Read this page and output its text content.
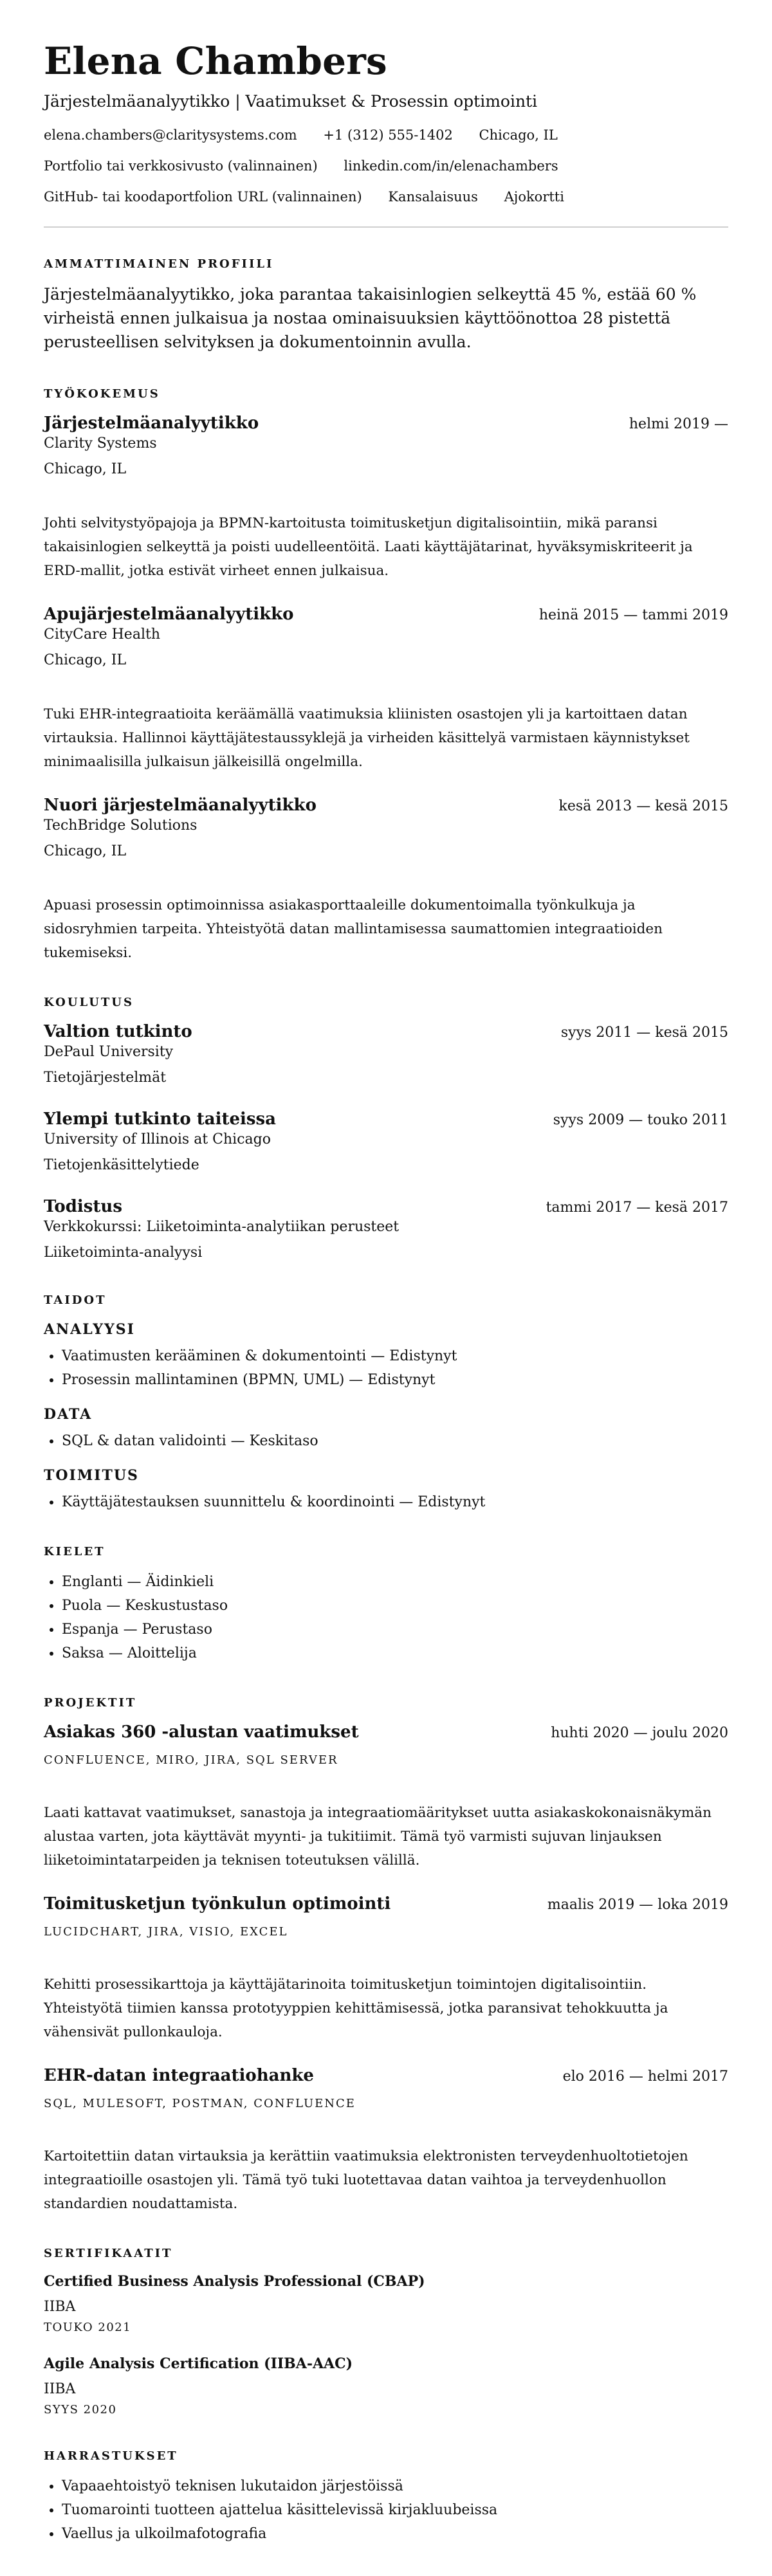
Elena Chambers
Järjestelmäanalyytikko | Vaatimukset & Prosessin optimointi
elena.chambers@claritysystems.com +1 (312) 555-1402 Chicago, IL
Portfolio tai verkkosivusto (valinnainen) linkedin.com/in/elenachambers
GitHub- tai koodaportfolion URL (valinnainen) Kansalaisuus Ajokortti
AMMATTIMAINEN PROFIILI
Järjestelmäanalyytikko, joka parantaa takaisinlogien selkeyttä 45 %, estää 60 % virheistä ennen julkaisua ja nostaa ominaisuuksien käyttöönottoa 28 pistettä perusteellisen selvityksen ja dokumentoinnin avulla.
TYÖKOKEMUS
Järjestelmäanalyytikko	helmi 2019 —
Clarity Systems
Chicago, IL
Johti selvitystyöpajoja ja BPMN-kartoitusta toimitusketjun digitalisointiin, mikä paransi takaisinlogien selkeyttä ja poisti uudelleentöitä. Laati käyttäjätarinat, hyväksymiskriteerit ja ERD-mallit, jotka estivät virheet ennen julkaisua.
Apujärjestelmäanalyytikko	heinä 2015 — tammi 2019
CityCare Health
Chicago, IL
Tuki EHR-integraatioita keräämällä vaatimuksia kliinisten osastojen yli ja kartoittaen datan virtauksia. Hallinnoi käyttäjätestaussyklejä ja virheiden käsittelyä varmistaen käynnistykset minimaalisilla julkaisun jälkeisillä ongelmilla.
Nuori järjestelmäanalyytikko	kesä 2013 — kesä 2015
TechBridge Solutions
Chicago, IL
Apuasi prosessin optimoinnissa asiakasporttaaleille dokumentoimalla työnkulkuja ja sidosryhmien tarpeita. Yhteistyötä datan mallintamisessa saumattomien integraatioiden tukemiseksi.
KOULUTUS
Valtion tutkinto	syys 2011 — kesä 2015
DePaul University
Tietojärjestelmät
Ylempi tutkinto taiteissa	syys 2009 — touko 2011
University of Illinois at Chicago
Tietojenkäsittelytiede
Todistus	tammi 2017 — kesä 2017
Verkkokurssi: Liiketoiminta-analytiikan perusteet
Liiketoiminta-analyysi
TAIDOT
ANALYYSI
• Vaatimusten kerääminen & dokumentointi — Edistynyt
• Prosessin mallintaminen (BPMN, UML) — Edistynyt
DATA
• SQL & datan validointi — Keskitaso
TOIMITUS
• Käyttäjätestauksen suunnittelu & koordinointi — Edistynyt
KIELET
• Englanti — Äidinkieli
• Puola — Keskustustaso
• Espanja — Perustaso
• Saksa — Aloittelija
PROJEKTIT
Asiakas 360 -alustan vaatimukset	huhti 2020 — joulu 2020
CONFLUENCE, MIRO, JIRA, SQL SERVER
Laati kattavat vaatimukset, sanastoja ja integraatiomääritykset uutta asiakaskokonaisnäkymän alustaa varten, jota käyttävät myynti- ja tukitiimit. Tämä työ varmisti sujuvan linjauksen liiketoimintatarpeiden ja teknisen toteutuksen välillä.
Toimitusketjun työnkulun optimointi	maalis 2019 — loka 2019
LUCIDCHART, JIRA, VISIO, EXCEL
Kehitti prosessikarttoja ja käyttäjätarinoita toimitusketjun toimintojen digitalisointiin. Yhteistyötä tiimien kanssa prototyyppien kehittämisessä, jotka paransivat tehokkuutta ja vähensivät pullonkauloja.
EHR-datan integraatiohanke	elo 2016 — helmi 2017
SQL, MULESOFT, POSTMAN, CONFLUENCE
Kartoitettiin datan virtauksia ja kerättiin vaatimuksia elektronisten terveydenhuoltotietojen integraatioille osastojen yli. Tämä työ tuki luotettavaa datan vaihtoa ja terveydenhuollon standardien noudattamista.
SERTIFIKAATIT
Certified Business Analysis Professional (CBAP)
IIBA
TOUKO 2021
Agile Analysis Certification (IIBA-AAC)
IIBA
SYYS 2020
HARRASTUKSET
• Vapaaehtoistyö teknisen lukutaidon järjestöissä
• Tuomarointi tuotteen ajattelua käsittelevissä kirjakluubeissa
• Vaellus ja ulkoilmafotografia
